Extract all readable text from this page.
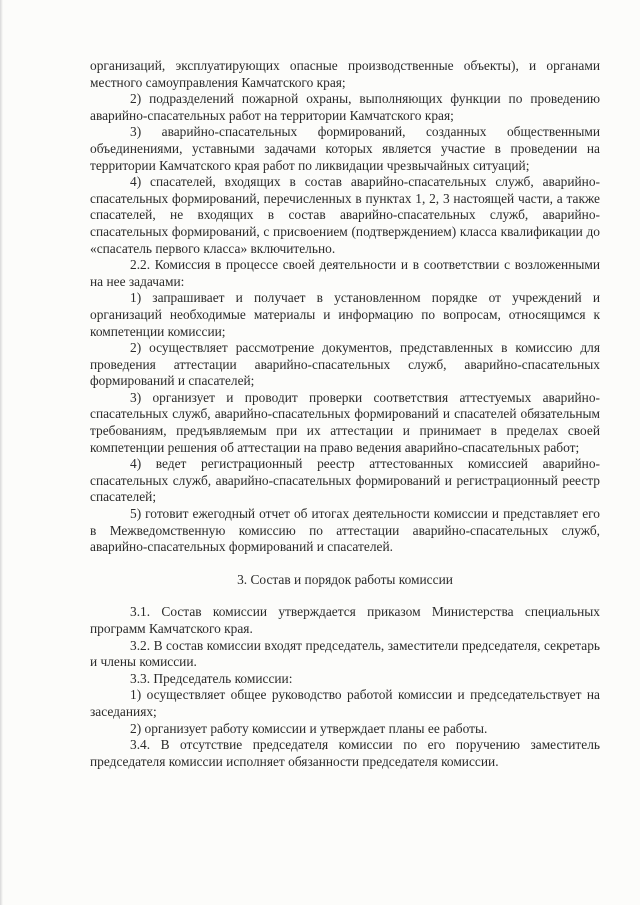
организаций, эксплуатирующих опасные производственные объекты), и органами местного самоуправления Камчатского края;

2) подразделений пожарной охраны, выполняющих функции по проведению аварийно-спасательных работ на территории Камчатского края;

3) аварийно-спасательных формирований, созданных общественными объединениями, уставными задачами которых является участие в проведении на территории Камчатского края работ по ликвидации чрезвычайных ситуаций;

4) спасателей, входящих в состав аварийно-спасательных служб, аварийно-спасательных формирований, перечисленных в пунктах 1, 2, 3 настоящей части, а также спасателей, не входящих в состав аварийно-спасательных служб, аварийно-спасательных формирований, с присвоением (подтверждением) класса квалификации до «спасатель первого класса» включительно.

2.2. Комиссия в процессе своей деятельности и в соответствии с возложенными на нее задачами:

1) запрашивает и получает в установленном порядке от учреждений и организаций необходимые материалы и информацию по вопросам, относящимся к компетенции комиссии;

2) осуществляет рассмотрение документов, представленных в комиссию для проведения аттестации аварийно-спасательных служб, аварийно-спасательных формирований и спасателей;

3) организует и проводит проверки соответствия аттестуемых аварийно-спасательных служб, аварийно-спасательных формирований и спасателей обязательным требованиям, предъявляемым при их аттестации и принимает в пределах своей компетенции решения об аттестации на право ведения аварийно-спасательных работ;

4) ведет регистрационный реестр аттестованных комиссией аварийно-спасательных служб, аварийно-спасательных формирований и регистрационный реестр спасателей;

5) готовит ежегодный отчет об итогах деятельности комиссии и представляет его в Межведомственную комиссию по аттестации аварийно-спасательных служб, аварийно-спасательных формирований и спасателей.

3. Состав и порядок работы комиссии

3.1. Состав комиссии утверждается приказом Министерства специальных программ Камчатского края.

3.2. В состав комиссии входят председатель, заместители председателя, секретарь и члены комиссии.

3.3. Председатель комиссии:

1) осуществляет общее руководство работой комиссии и председательствует на заседаниях;

2) организует работу комиссии и утверждает планы ее работы.

3.4. В отсутствие председателя комиссии по его поручению заместитель председателя комиссии исполняет обязанности председателя комиссии.
